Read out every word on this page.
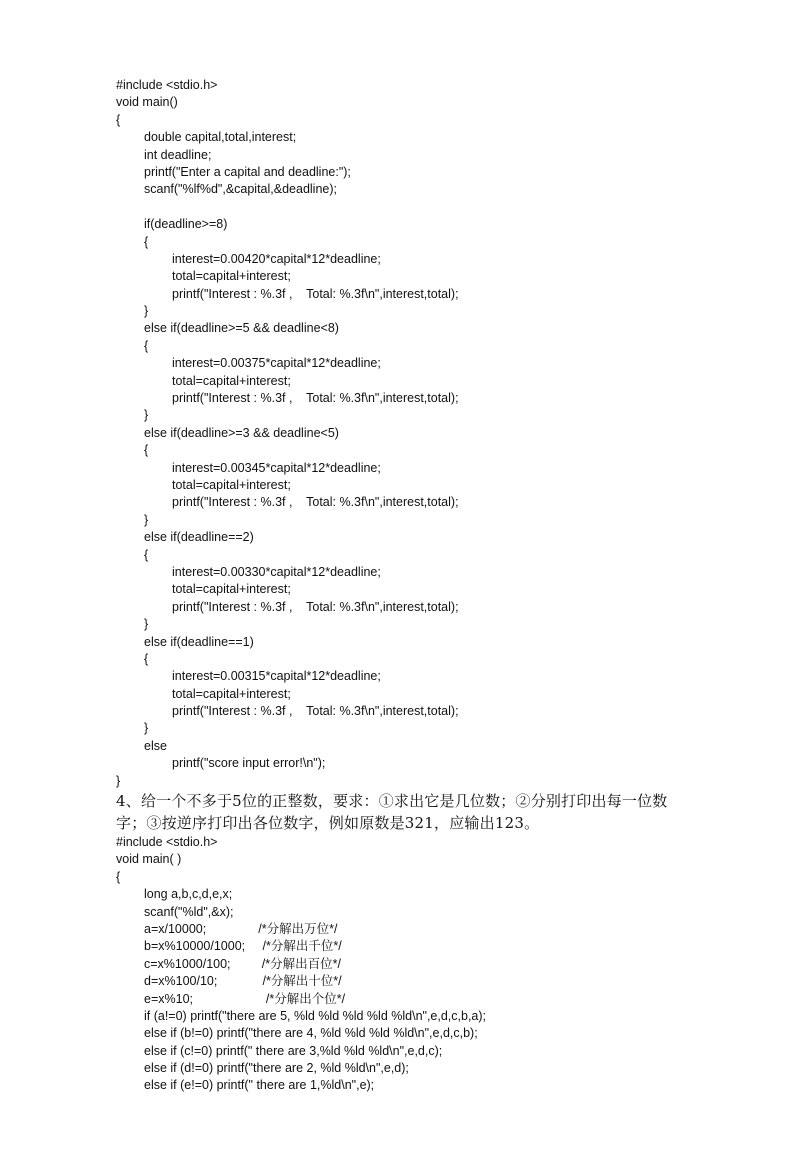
#include <stdio.h>
void main()
{
double capital,total,interest;
int deadline;
printf("Enter a capital and deadline:");
scanf("%lf%d",&capital,&deadline);
if(deadline>=8)
{
interest=0.00420*capital*12*deadline;
total=capital+interest;
printf("Interest : %.3f ,    Total: %.3f\n",interest,total);
}
else if(deadline>=5 && deadline<8)
{
interest=0.00375*capital*12*deadline;
total=capital+interest;
printf("Interest : %.3f ,    Total: %.3f\n",interest,total);
}
else if(deadline>=3 && deadline<5)
{
interest=0.00345*capital*12*deadline;
total=capital+interest;
printf("Interest : %.3f ,    Total: %.3f\n",interest,total);
}
else if(deadline==2)
{
interest=0.00330*capital*12*deadline;
total=capital+interest;
printf("Interest : %.3f ,    Total: %.3f\n",interest,total);
}
else if(deadline==1)
{
interest=0.00315*capital*12*deadline;
total=capital+interest;
printf("Interest : %.3f ,    Total: %.3f\n",interest,total);
}
else
printf("score input error!\n");
}
4、给一个不多于5位的正整数，要求：①求出它是几位数；②分别打印出每一位数
字；③按逆序打印出各位数字，例如原数是321，应输出123。
#include <stdio.h>
void main( )
{
long a,b,c,d,e,x;
scanf("%ld",&x);
a=x/10000;               /*分解出万位*/
b=x%10000/1000;     /*分解出千位*/
c=x%1000/100;         /*分解出百位*/
d=x%100/10;             /*分解出十位*/
e=x%10;                     /*分解出个位*/
if (a!=0) printf("there are 5, %ld %ld %ld %ld %ld\n",e,d,c,b,a);
else if (b!=0) printf("there are 4, %ld %ld %ld %ld\n",e,d,c,b);
else if (c!=0) printf(" there are 3,%ld %ld %ld\n",e,d,c);
else if (d!=0) printf("there are 2, %ld %ld\n",e,d);
else if (e!=0) printf(" there are 1,%ld\n",e);
